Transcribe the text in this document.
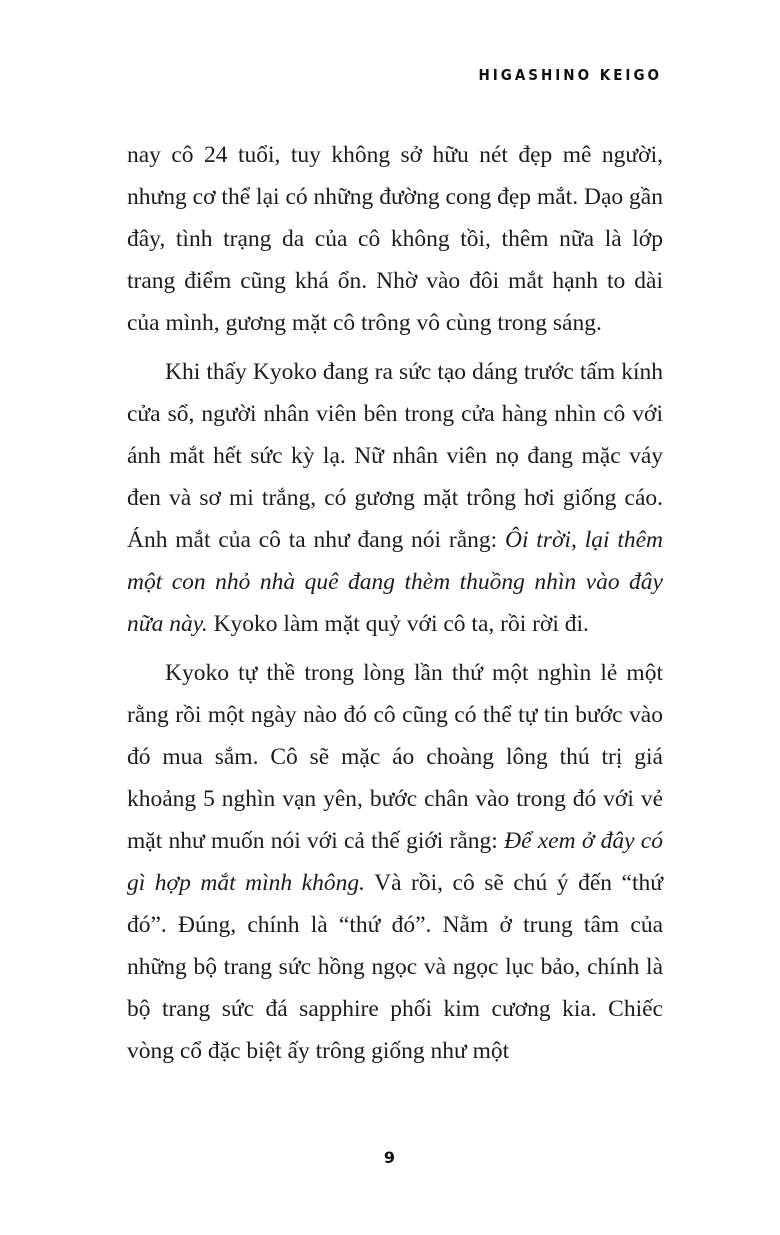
HIGASHINO KEIGO

nay cô 24 tuổi, tuy không sở hữu nét đẹp mê người, nhưng cơ thể lại có những đường cong đẹp mắt. Dạo gần đây, tình trạng da của cô không tồi, thêm nữa là lớp trang điểm cũng khá ổn. Nhờ vào đôi mắt hạnh to dài của mình, gương mặt cô trông vô cùng trong sáng.

Khi thấy Kyoko đang ra sức tạo dáng trước tấm kính cửa sổ, người nhân viên bên trong cửa hàng nhìn cô với ánh mắt hết sức kỳ lạ. Nữ nhân viên nọ đang mặc váy đen và sơ mi trắng, có gương mặt trông hơi giống cáo. Ánh mắt của cô ta như đang nói rằng: Ôi trời, lại thêm một con nhỏ nhà quê đang thèm thuồng nhìn vào đây nữa này. Kyoko làm mặt quỷ với cô ta, rồi rời đi.

Kyoko tự thề trong lòng lần thứ một nghìn lẻ một rằng rồi một ngày nào đó cô cũng có thể tự tin bước vào đó mua sắm. Cô sẽ mặc áo choàng lông thú trị giá khoảng 5 nghìn vạn yên, bước chân vào trong đó với vẻ mặt như muốn nói với cả thế giới rằng: Để xem ở đây có gì hợp mắt mình không. Và rồi, cô sẽ chú ý đến “thứ đó”. Đúng, chính là “thứ đó”. Nằm ở trung tâm của những bộ trang sức hồng ngọc và ngọc lục bảo, chính là bộ trang sức đá sapphire phối kim cương kia. Chiếc vòng cổ đặc biệt ấy trông giống như một

9
